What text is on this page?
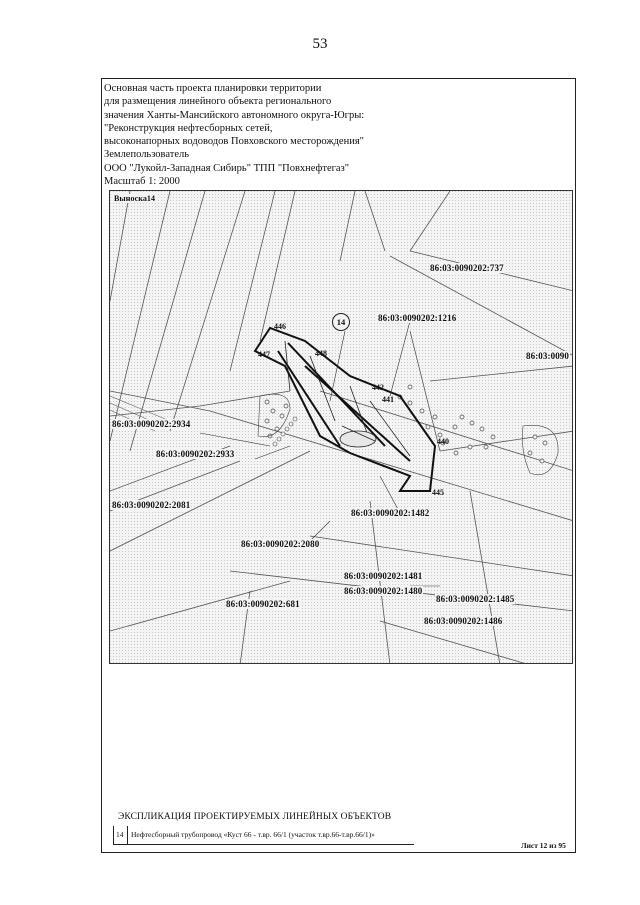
53
Основная часть проекта планировки территории
для размещения линейного объекта регионального
значения Ханты-Мансийского автономного округа-Югры:
"Реконструкция нефтесборных сетей,
высоконапорных водоводов Повховского месторождения"
Землепользователь
ООО "Лукойл-Западная Сибирь" ТПП "Повхнефтегаз"
Масштаб 1: 2000
Выноска14
14
86:03:0090202:737
86:03:0090202:1216
86:03:0090
86:03:0090202:2934
86:03:0090202:2933
86:03:0090202:2081
86:03:0090202:1482
86:03:0090202:2080
86:03:0090202:1481
86:03:0090202:1480
86:03:0090202:1485
86:03:0090202:681
86:03:0090202:1486
446
447	448
442
441
440
445
ЭКСПЛИКАЦИЯ ПРОЕКТИРУЕМЫХ ЛИНЕЙНЫХ ОБЪЕКТОВ
14 Нефтесборный трубопровод «Куст 66 - т.вр. 66/1 (участок т.вр.66-т.вр.66/1)»
Лист 12 из 95
